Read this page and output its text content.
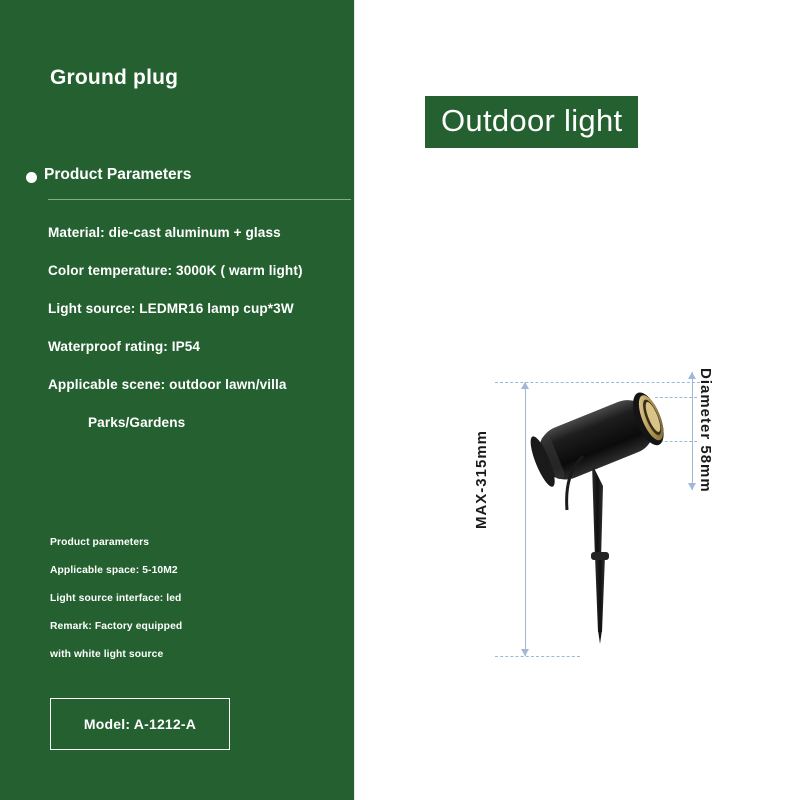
Ground plug
Product Parameters
Material: die-cast aluminum + glass
Color temperature: 3000K ( warm light)
Light source: LEDMR16 lamp cup*3W
Waterproof rating: IP54
Applicable scene: outdoor lawn/villa
Parks/Gardens
Product parameters
Applicable space: 5-10M2
Light source interface: led
Remark: Factory equipped
with white light source
Model: A-1212-A
Outdoor light
MAX-315mm	Diameter 58mm
